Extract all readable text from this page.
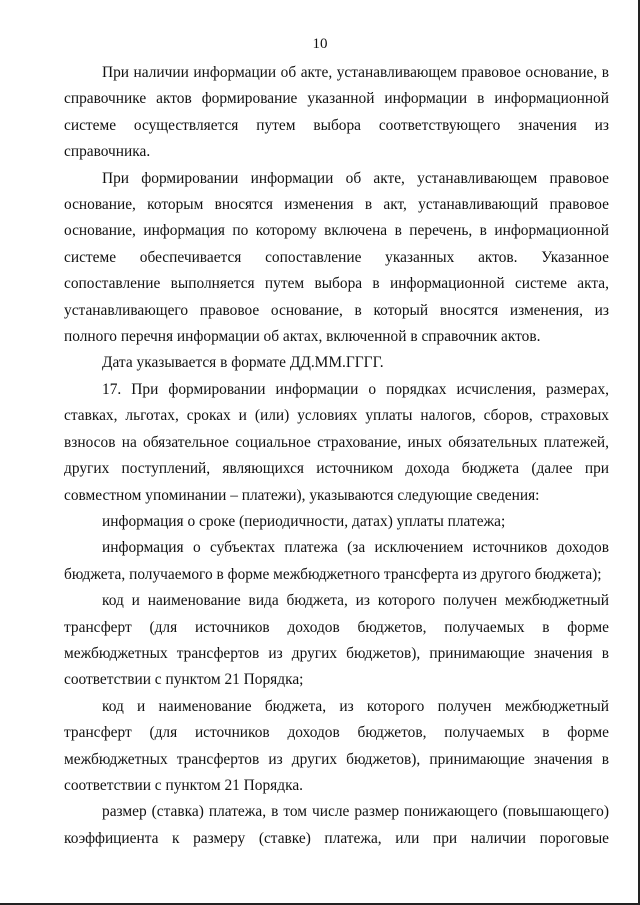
10

При наличии информации об акте, устанавливающем правовое основание, в справочнике актов формирование указанной информации в информационной системе осуществляется путем выбора соответствующего значения из справочника.

При формировании информации об акте, устанавливающем правовое основание, которым вносятся изменения в акт, устанавливающий правовое основание, информация по которому включена в перечень, в информационной системе обеспечивается сопоставление указанных актов. Указанное сопоставление выполняется путем выбора в информационной системе акта, устанавливающего правовое основание, в который вносятся изменения, из полного перечня информации об актах, включенной в справочник актов.

Дата указывается в формате ДД.ММ.ГГГГ.

17. При формировании информации о порядках исчисления, размерах, ставках, льготах, сроках и (или) условиях уплаты налогов, сборов, страховых взносов на обязательное социальное страхование, иных обязательных платежей, других поступлений, являющихся источником дохода бюджета (далее при совместном упоминании – платежи), указываются следующие сведения:

информация о сроке (периодичности, датах) уплаты платежа;

информация о субъектах платежа (за исключением источников доходов бюджета, получаемого в форме межбюджетного трансферта из другого бюджета);

код и наименование вида бюджета, из которого получен межбюджетный трансферт (для источников доходов бюджетов, получаемых в форме межбюджетных трансфертов из других бюджетов), принимающие значения в соответствии с пунктом 21 Порядка;

код и наименование бюджета, из которого получен межбюджетный трансферт (для источников доходов бюджетов, получаемых в форме межбюджетных трансфертов из других бюджетов), принимающие значения в соответствии с пунктом 21 Порядка.

размер (ставка) платежа, в том числе размер понижающего (повышающего) коэффициента к размеру (ставке) платежа, или при наличии пороговые
